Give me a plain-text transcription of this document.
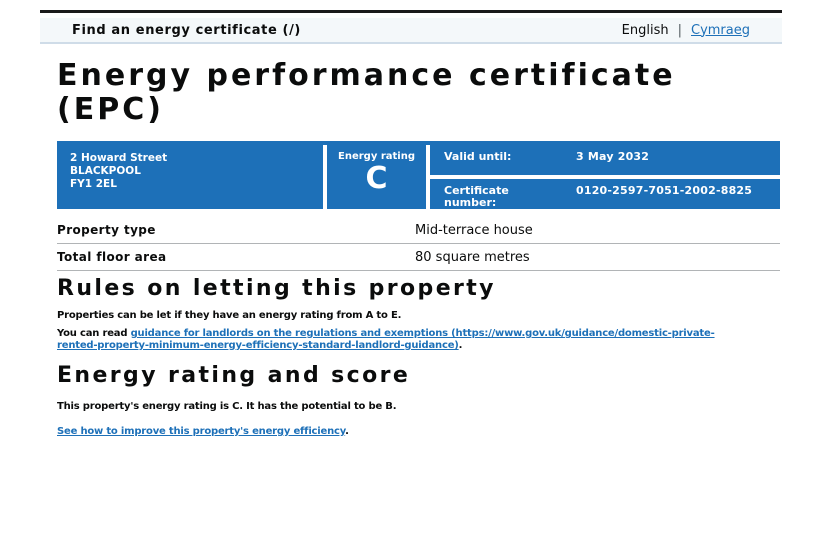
Find an energy certificate (/)	English | Cymraeg
Energy performance certificate (EPC)
2 Howard Street
BLACKPOOL
FY1 2EL
Energy rating
C
Valid until:	3 May 2032
Certificate number:
0120-2597-7051-2002-8825
Property type	Mid-terrace house
Total floor area	80 square metres
Rules on letting this property

Properties can be let if they have an energy rating from A to E.

You can read guidance for landlords on the regulations and exemptions (https://www.gov.uk/guidance/domestic-private-rented-property-minimum-energy-efficiency-standard-landlord-guidance).

Energy rating and score

This property's energy rating is C. It has the potential to be B.

See how to improve this property's energy efficiency.
